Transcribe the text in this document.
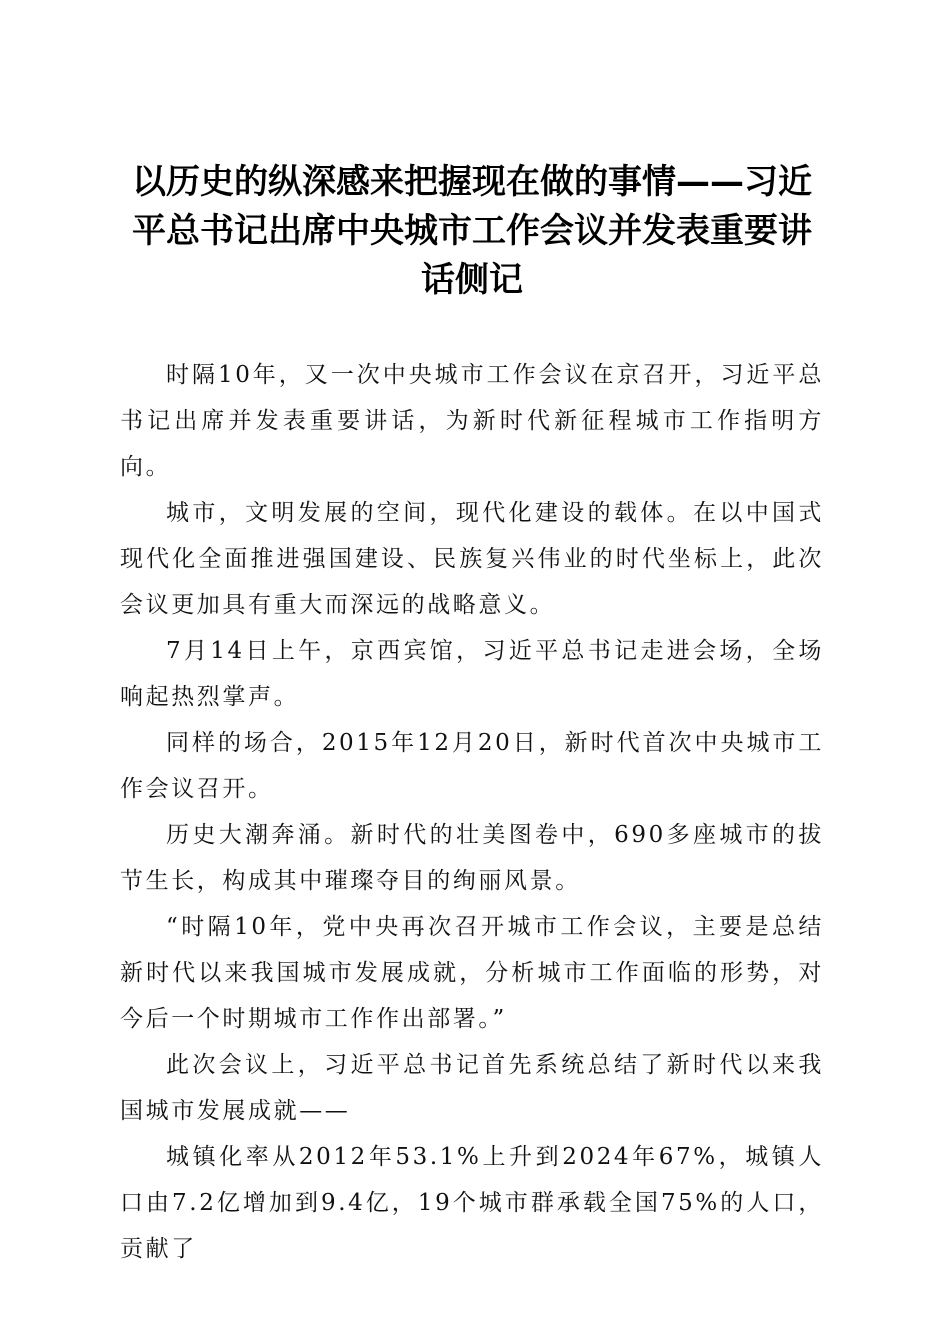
以历史的纵深感来把握现在做的事情——习近平总书记出席中央城市工作会议并发表重要讲话侧记

时隔10年，又一次中央城市工作会议在京召开，习近平总书记出席并发表重要讲话，为新时代新征程城市工作指明方向。

城市，文明发展的空间，现代化建设的载体。在以中国式现代化全面推进强国建设、民族复兴伟业的时代坐标上，此次会议更加具有重大而深远的战略意义。

7月14日上午，京西宾馆，习近平总书记走进会场，全场响起热烈掌声。

同样的场合，2015年12月20日，新时代首次中央城市工作会议召开。

历史大潮奔涌。新时代的壮美图卷中，690多座城市的拔节生长，构成其中璀璨夺目的绚丽风景。

“时隔10年，党中央再次召开城市工作会议，主要是总结新时代以来我国城市发展成就，分析城市工作面临的形势，对今后一个时期城市工作作出部署。”

此次会议上，习近平总书记首先系统总结了新时代以来我国城市发展成就——

城镇化率从2012年53.1%上升到2024年67%，城镇人口由7.2亿增加到9.4亿，19个城市群承载全国75%的人口，贡献了
